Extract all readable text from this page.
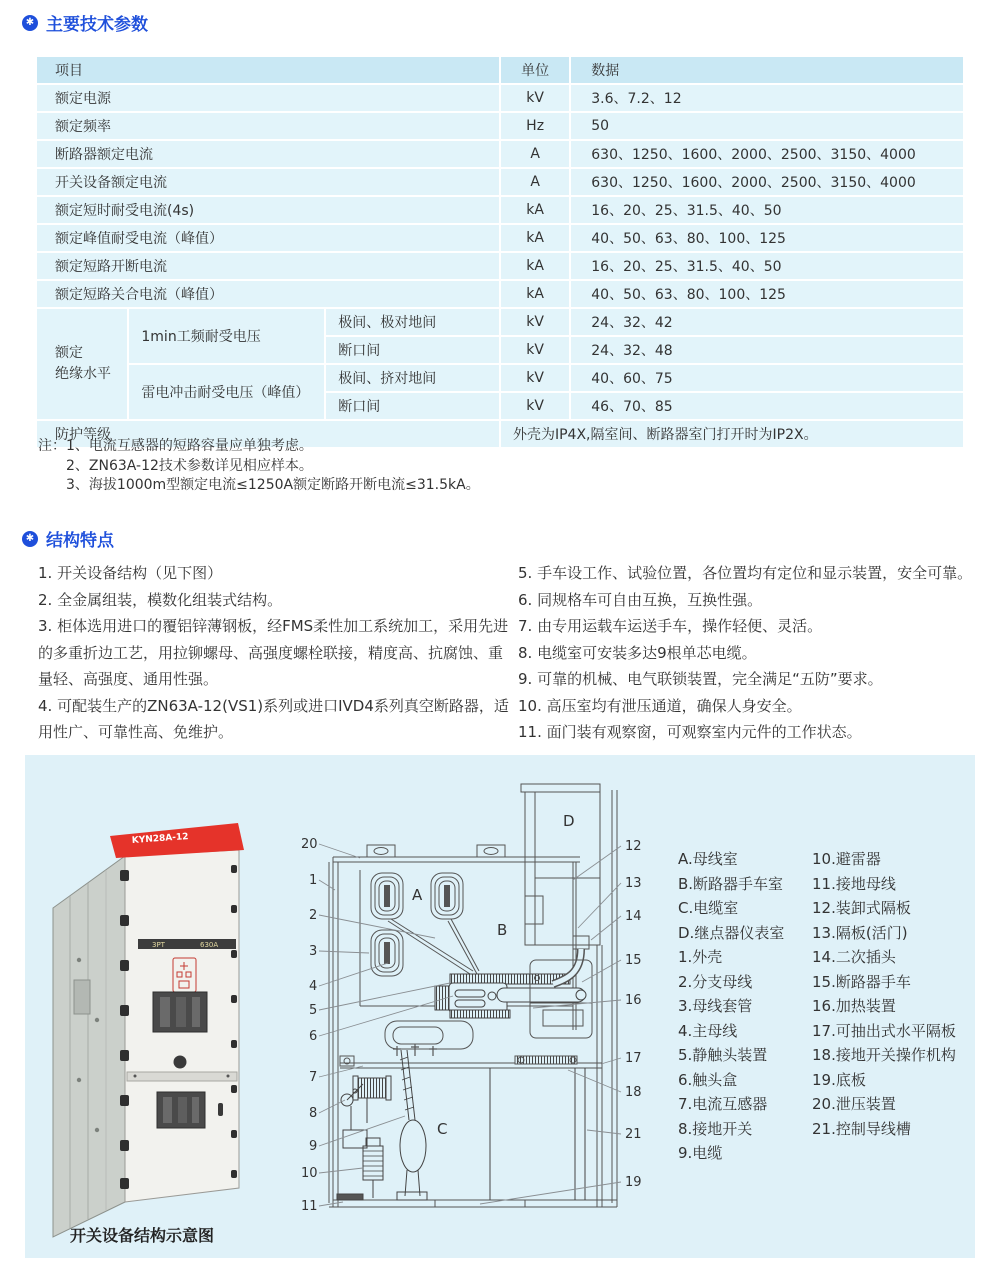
✱ 主要技术参数
项目			单位	数据
额定电源			kV	3.6、7.2、12
额定频率			Hz	50
断路器额定电流			A	630、1250、1600、2000、2500、3150、4000
开关设备额定电流			A	630、1250、1600、2000、2500、3150、4000
额定短时耐受电流(4s)			kA	16、20、25、31.5、40、50
额定峰值耐受电流（峰值）			kA	40、50、63、80、100、125
额定短路开断电流			kA	16、20、25、31.5、40、50
额定短路关合电流（峰值）			kA	40、50、63、80、100、125

额定
绝缘水平	1min工频耐受电压	极间、极对地间	kV	24、32、42
		断口间	kV	24、32、48
	雷电冲击耐受电压（峰值）	极间、挤对地间	kV	40、60、75
		断口间	kV	46、70、85
防护等级			外壳为IP4X,隔室间、断路器室门打开时为IP2X。	
注： 1、电流互感器的短路容量应单独考虑。
2、ZN63A-12技术参数详见相应样本。
3、海拔1000m型额定电流≤1250A额定断路开断电流≤31.5kA。
✱ 结构特点
1. 开关设备结构（见下图）
2. 全金属组装，模数化组装式结构。
3. 柜体选用进口的覆铝锌薄钢板，经FMS柔性加工系统加工，采用先进的多重折边工艺，用拉铆螺母、高强度螺栓联接，精度高、抗腐蚀、重量轻、高强度、通用性强。
4. 可配装生产的ZN63A-12(VS1)系列或进口IVD4系列真空断路器，适用性广、可靠性高、免维护。
5. 手车设工作、试验位置，各位置均有定位和显示装置，安全可靠。
6. 同规格车可自由互换，互换性强。
7. 由专用运载车运送手车，操作轻便、灵活。
8. 电缆室可安装多达9根单芯电缆。
9. 可靠的机械、电气联锁装置，完全满足“五防”要求。
10. 高压室均有泄压通道，确保人身安全。
11. 面门装有观察窗，可观察室内元件的工作状态。
KYN28A-12
3PT	630A
A
B
C
D
20
1
2
3
4
5
6
7
8
9
10
11
12
13
14
15
16
17
18
21
19
A.母线室
B.断路器手车室
C.电缆室
D.继点器仪表室
1.外壳
2.分支母线
3.母线套管
4.主母线
5.静触头装置
6.触头盒
7.电流互感器
8.接地开关
9.电缆
10.避雷器
11.接地母线
12.装卸式隔板
13.隔板(活门)
14.二次插头
15.断路器手车
16.加热装置
17.可抽出式水平隔板
18.接地开关操作机构
19.底板
20.泄压装置
21.控制导线槽
开关设备结构示意图
